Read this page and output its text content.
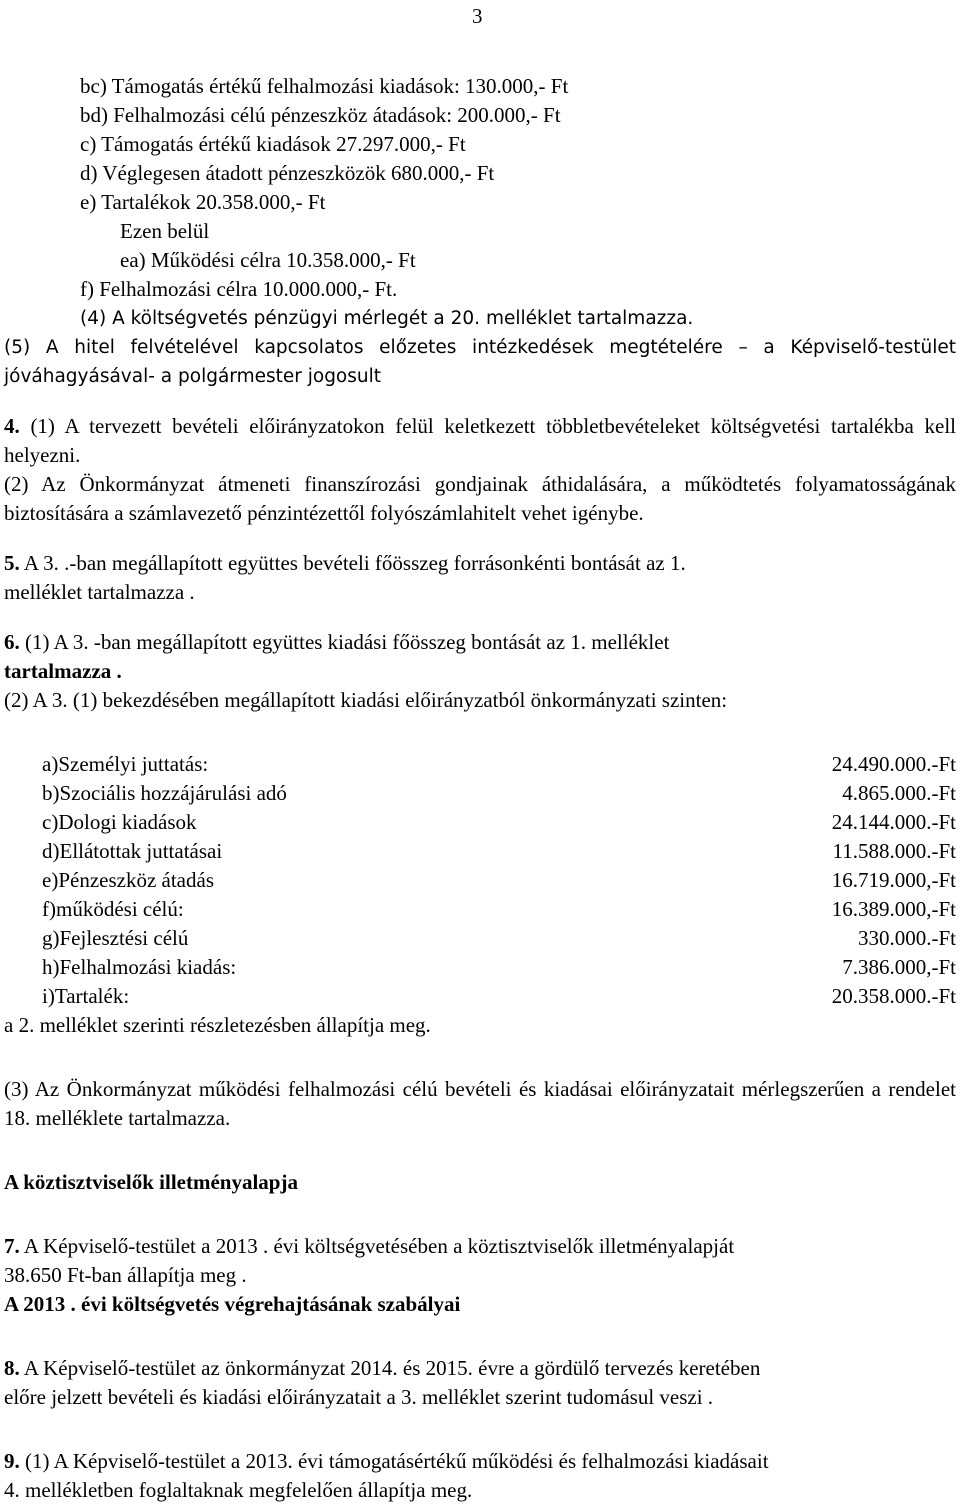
3
bc) Támogatás értékű felhalmozási kiadások: 130.000,- Ft
bd) Felhalmozási célú pénzeszköz átadások: 200.000,- Ft
c) Támogatás értékű kiadások 27.297.000,- Ft
d) Véglegesen átadott pénzeszközök 680.000,- Ft
e) Tartalékok 20.358.000,- Ft
Ezen belül
ea) Működési célra 10.358.000,- Ft
f) Felhalmozási célra 10.000.000,- Ft.
(4) A költségvetés pénzügyi mérlegét a 20. melléklet tartalmazza.
(5) A hitel felvételével kapcsolatos előzetes intézkedések megtételére – a Képviselő-testület jóváhagyásával- a polgármester jogosult
4. (1) A tervezett bevételi előirányzatokon felül keletkezett többletbevételeket költségvetési tartalékba kell helyezni.
(2) Az Önkormányzat átmeneti finanszírozási gondjainak áthidalására, a működtetés folyamatosságának biztosítására a számlavezető pénzintézettől folyószámlahitelt vehet igénybe.
5. A 3. .-ban megállapított együttes bevételi főösszeg forrásonkénti bontását az 1.
melléklet tartalmazza .
6. (1) A 3. -ban megállapított együttes kiadási főösszeg bontását az 1. melléklet
tartalmazza .
(2) A 3. (1) bekezdésében megállapított kiadási előirányzatból önkormányzati szinten:
a)Személyi juttatás:	24.490.000.-Ft
b)Szociális hozzájárulási adó	4.865.000.-Ft
c)Dologi kiadások	24.144.000.-Ft
d)Ellátottak juttatásai	11.588.000.-Ft
e)Pénzeszköz átadás	16.719.000,-Ft
f)működési célú:	16.389.000,-Ft
g)Fejlesztési célú	330.000.-Ft
h)Felhalmozási kiadás:	7.386.000,-Ft
i)Tartalék:	20.358.000.-Ft
a 2. melléklet szerinti részletezésben állapítja meg.
(3) Az Önkormányzat működési felhalmozási célú bevételi és kiadásai előirányzatait mérlegszerűen a rendelet 18. melléklete tartalmazza.
A köztisztviselők illetményalapja
7. A Képviselő-testület a 2013 . évi költségvetésében a köztisztviselők illetményalapját
38.650 Ft-ban állapítja meg .
A 2013 . évi költségvetés végrehajtásának szabályai
8. A Képviselő-testület az önkormányzat 2014. és 2015. évre a gördülő tervezés keretében
előre jelzett bevételi és kiadási előirányzatait a 3. melléklet szerint tudomásul veszi .
9. (1) A Képviselő-testület a 2013. évi támogatásértékű működési és felhalmozási kiadásait
4. mellékletben foglaltaknak megfelelően állapítja meg.
